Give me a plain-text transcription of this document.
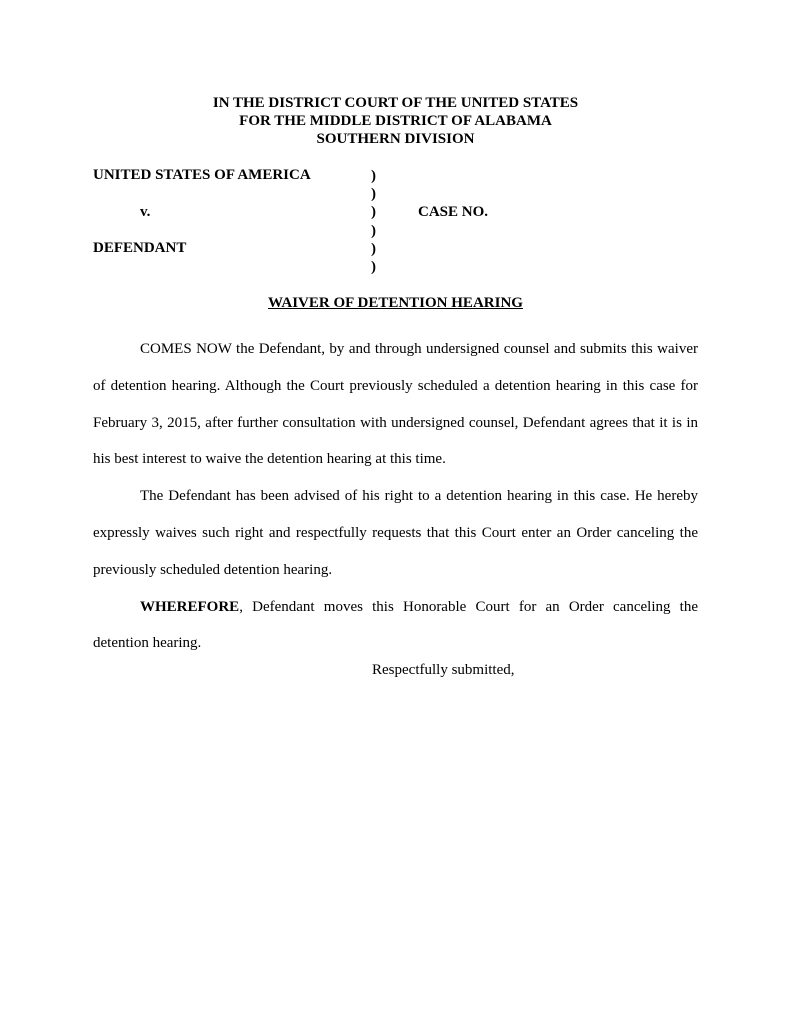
IN THE DISTRICT COURT OF THE UNITED STATES
FOR THE MIDDLE DISTRICT OF ALABAMA
SOUTHERN DIVISION
UNITED STATES OF AMERICA
v.
DEFENDANT
)
)
)
)
)
)
CASE NO.
WAIVER OF DETENTION HEARING

COMES NOW the Defendant, by and through undersigned counsel and submits this waiver of detention hearing. Although the Court previously scheduled a detention hearing in this case for February 3, 2015, after further consultation with undersigned counsel, Defendant agrees that it is in his best interest to waive the detention hearing at this time.

The Defendant has been advised of his right to a detention hearing in this case. He hereby expressly waives such right and respectfully requests that this Court enter an Order canceling the previously scheduled detention hearing.

WHEREFORE, Defendant moves this Honorable Court for an Order canceling the detention hearing.

Respectfully submitted,
